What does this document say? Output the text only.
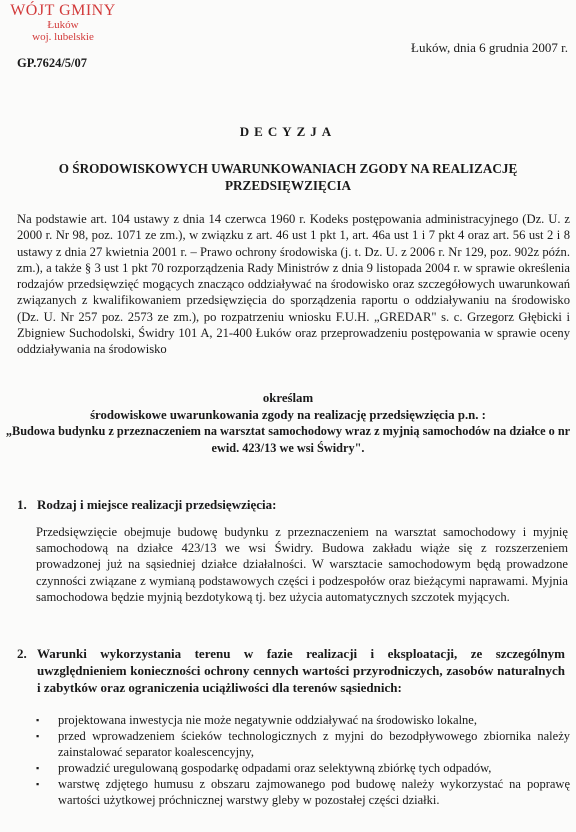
WÓJT GMINY
Łuków
woj. lubelskie
GP.7624/5/07
Łuków, dnia 6 grudnia 2007 r.
DECYZJA
O ŚRODOWISKOWYCH UWARUNKOWANIACH ZGODY NA REALIZACJĘ PRZEDSIĘWZIĘCIA
Na podstawie art. 104 ustawy z dnia 14 czerwca 1960 r. Kodeks postępowania administracyjnego (Dz. U. z 2000 r. Nr 98, poz. 1071 ze zm.), w związku z art. 46 ust 1 pkt 1, art. 46a ust 1 i 7 pkt 4 oraz art. 56 ust 2 i 8 ustawy z dnia 27 kwietnia 2001 r. – Prawo ochrony środowiska (j. t. Dz. U. z 2006 r. Nr 129, poz. 902z późn. zm.), a także § 3 ust 1 pkt 70 rozporządzenia Rady Ministrów z dnia 9 listopada 2004 r. w sprawie określenia rodzajów przedsięwzięć mogących znacząco oddziaływać na środowisko oraz szczegółowych uwarunkowań związanych z kwalifikowaniem przedsięwzięcia do sporządzenia raportu o oddziaływaniu na środowisko (Dz. U. Nr 257 poz. 2573 ze zm.), po rozpatrzeniu wniosku F.U.H. „GREDAR" s. c. Grzegorz Głębicki i Zbigniew Suchodolski, Świdry 101 A, 21-400 Łuków oraz przeprowadzeniu postępowania w sprawie oceny oddziaływania na środowisko
określam
środowiskowe uwarunkowania zgody na realizację przedsięwzięcia p.n. :
„Budowa budynku z przeznaczeniem na warsztat samochodowy wraz z myjnią samochodów na działce o nr ewid. 423/13 we wsi Świdry".
1. Rodzaj i miejsce realizacji przedsięwzięcia:
Przedsięwzięcie obejmuje budowę budynku z przeznaczeniem na warsztat samochodowy i myjnię samochodową na działce 423/13 we wsi Świdry. Budowa zakładu wiąże się z rozszerzeniem prowadzonej już na sąsiedniej działce działalności. W warsztacie samochodowym będą prowadzone czynności związane z wymianą podstawowych części i podzespołów oraz bieżącymi naprawami. Myjnia samochodowa będzie myjnią bezdotykową tj. bez użycia automatycznych szczotek myjących.
2. Warunki wykorzystania terenu w fazie realizacji i eksploatacji, ze szczególnym uwzględnieniem konieczności ochrony cennych wartości przyrodniczych, zasobów naturalnych i zabytków oraz ograniczenia uciążliwości dla terenów sąsiednich:
▪	projektowana inwestycja nie może negatywnie oddziaływać na środowisko lokalne,
▪	przed wprowadzeniem ścieków technologicznych z myjni do bezodpływowego zbiornika należy zainstalować separator koalescencyjny,
▪	prowadzić uregulowaną gospodarkę odpadami oraz selektywną zbiórkę tych odpadów,
▪	warstwę zdjętego humusu z obszaru zajmowanego pod budowę należy wykorzystać na poprawę wartości użytkowej próchnicznej warstwy gleby w pozostałej części działki.
